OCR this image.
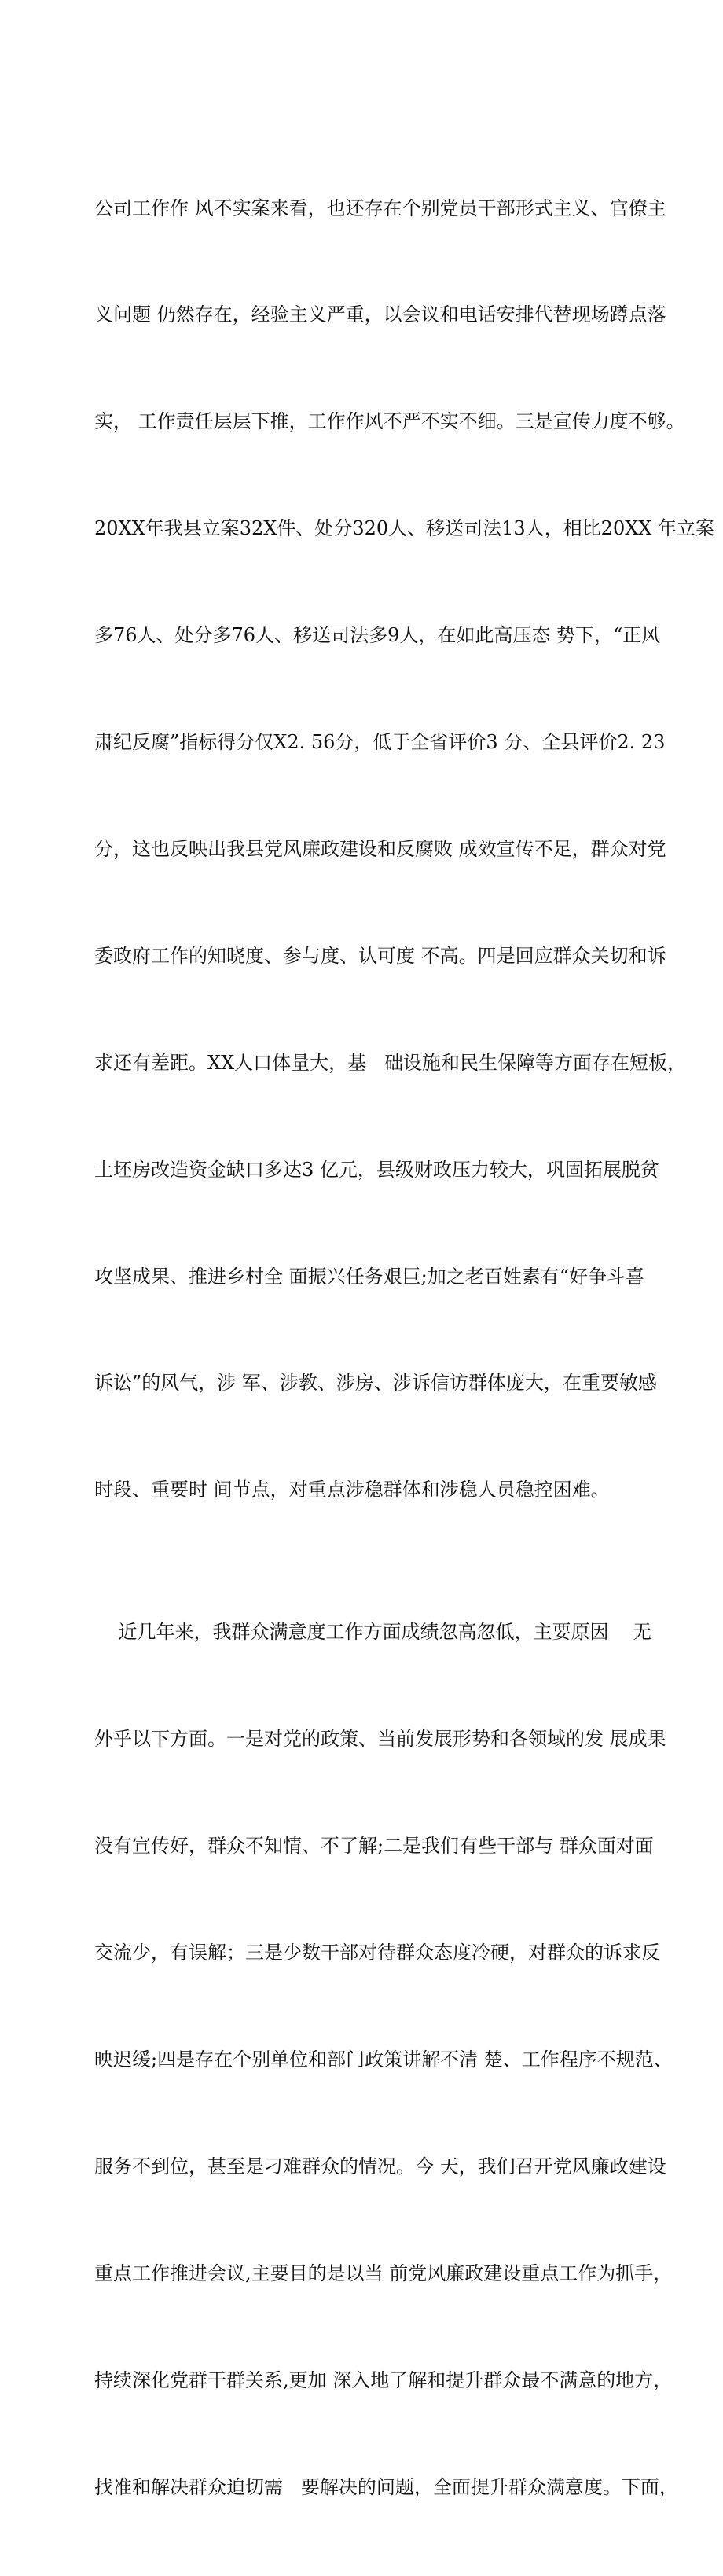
公司工作作 风不实案来看，也还存在个别党员干部形式主义、官僚主

义问题 仍然存在，经验主义严重，以会议和电话安排代替现场蹲点落

实， 工作责任层层下推，工作作风不严不实不细。三是宣传力度不够。

20XX年我县立案32X件、处分320人、移送司法13人，相比20XX 年立案

多76人、处分多76人、移送司法多9人，在如此高压态 势下，“正风

肃纪反腐”指标得分仅X2. 56分，低于全省评价3 分、全县评价2. 23

分，这也反映出我县党风廉政建设和反腐败 成效宣传不足，群众对党

委政府工作的知晓度、参与度、认可度 不高。四是回应群众关切和诉

求还有差距。XX人口体量大，基   础设施和民生保障等方面存在短板，

土坯房改造资金缺口多达3 亿元，县级财政压力较大，巩固拓展脱贫

攻坚成果、推进乡村全 面振兴任务艰巨;加之老百姓素有“好争斗喜

诉讼”的风气，涉 军、涉教、涉房、涉诉信访群体庞大，在重要敏感

时段、重要时 间节点，对重点涉稳群体和涉稳人员稳控困难。

近几年来，我群众满意度工作方面成绩忽高忽低，主要原因    无

外乎以下方面。一是对党的政策、当前发展形势和各领域的发 展成果

没有宣传好，群众不知情、不了解;二是我们有些干部与 群众面对面

交流少，有误解；三是少数干部对待群众态度冷硬，对群众的诉求反

映迟缓;四是存在个别单位和部门政策讲解不清 楚、工作程序不规范、

服务不到位，甚至是刁难群众的情况。今 天，我们召开党风廉政建设

重点工作推进会议,主要目的是以当 前党风廉政建设重点工作为抓手，

持续深化党群干群关系,更加 深入地了解和提升群众最不满意的地方，

找准和解决群众迫切需   要解决的问题，全面提升群众满意度。下面，
